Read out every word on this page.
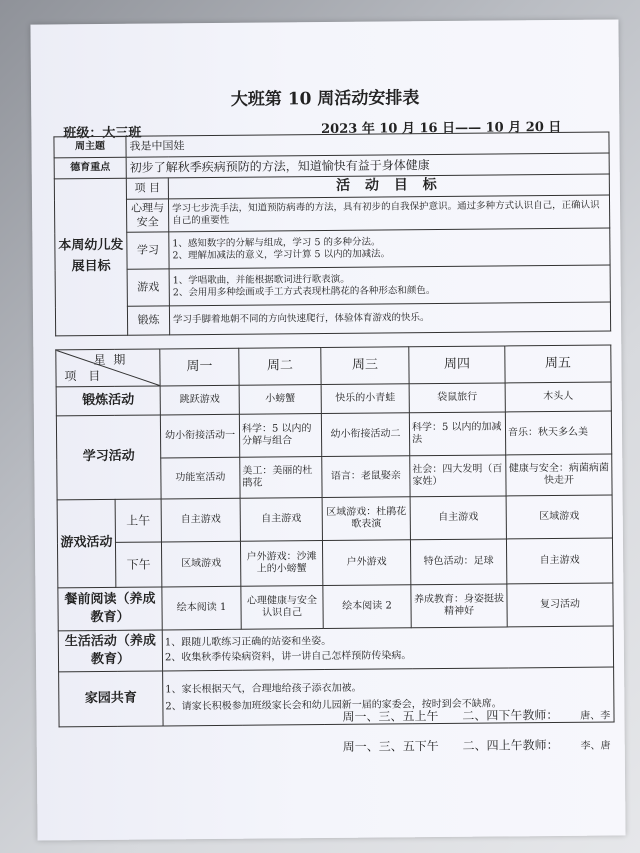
大班第 10 周活动安排表
班级：大三班	2023 年 10 月 16 日—— 10 月 20 日
周主题	我是中国娃	
德育重点	初步了解秋季疾病预防的方法，知道愉快有益于身体健康	
本周幼儿发展目标	项 目	活 动 目 标
	心理与安全	学习七步洗手法，知道预防病毒的方法，具有初步的自我保护意识。通过多种方式认识自己，正确认识自己的重要性
	学习	1、感知数字的分解与组成，学习 5 的多种分法。
2、理解加减法的意义，学习计算 5 以内的加减法。
	游戏	1、学唱歌曲，并能根据歌词进行歌表演。
2、会用用多种绘画或手工方式表现杜鹃花的各种形态和颜色。
	锻炼	学习手脚着地朝不同的方向快速爬行，体验体育游戏的快乐。
星 期
项 目		周一	周二	周三	周四	周五
锻炼活动		跳跃游戏	小螃蟹	快乐的小青蛙	袋鼠旅行	木头人
学习活动		幼小衔接活动一	科学：5 以内的分解与组合	幼小衔接活动二	科学：5 以内的加减法	音乐：秋天多么美
		功能室活动	美工：美丽的杜鹃花	语言：老鼠娶亲	社会：四大发明（百家姓）	健康与安全：病菌病菌快走开
游戏活动	上午	自主游戏	自主游戏	区域游戏：杜鹃花歌表演	自主游戏	区域游戏
	下午	区域游戏	户外游戏：沙滩上的小螃蟹	户外游戏	特色活动：足球	自主游戏
餐前阅读（养成教育）		绘本阅读 1	心理健康与安全认识自己	绘本阅读 2	养成教育：身姿挺拔精神好	复习活动
生活活动（养成教育）		1、跟随儿歌练习正确的站姿和坐姿。
2、收集秋季传染病资料，讲一讲自己怎样预防传染病。				
家园共育		1、家长根据天气，合理地给孩子添衣加被。
2、请家长积极参加班级家长会和幼儿园新一届的家委会，按时到会不缺席。				
周一、三、五上午 二、四下午教师： 唐、李
周一、三、五下午 二、四上午教师： 李、唐
